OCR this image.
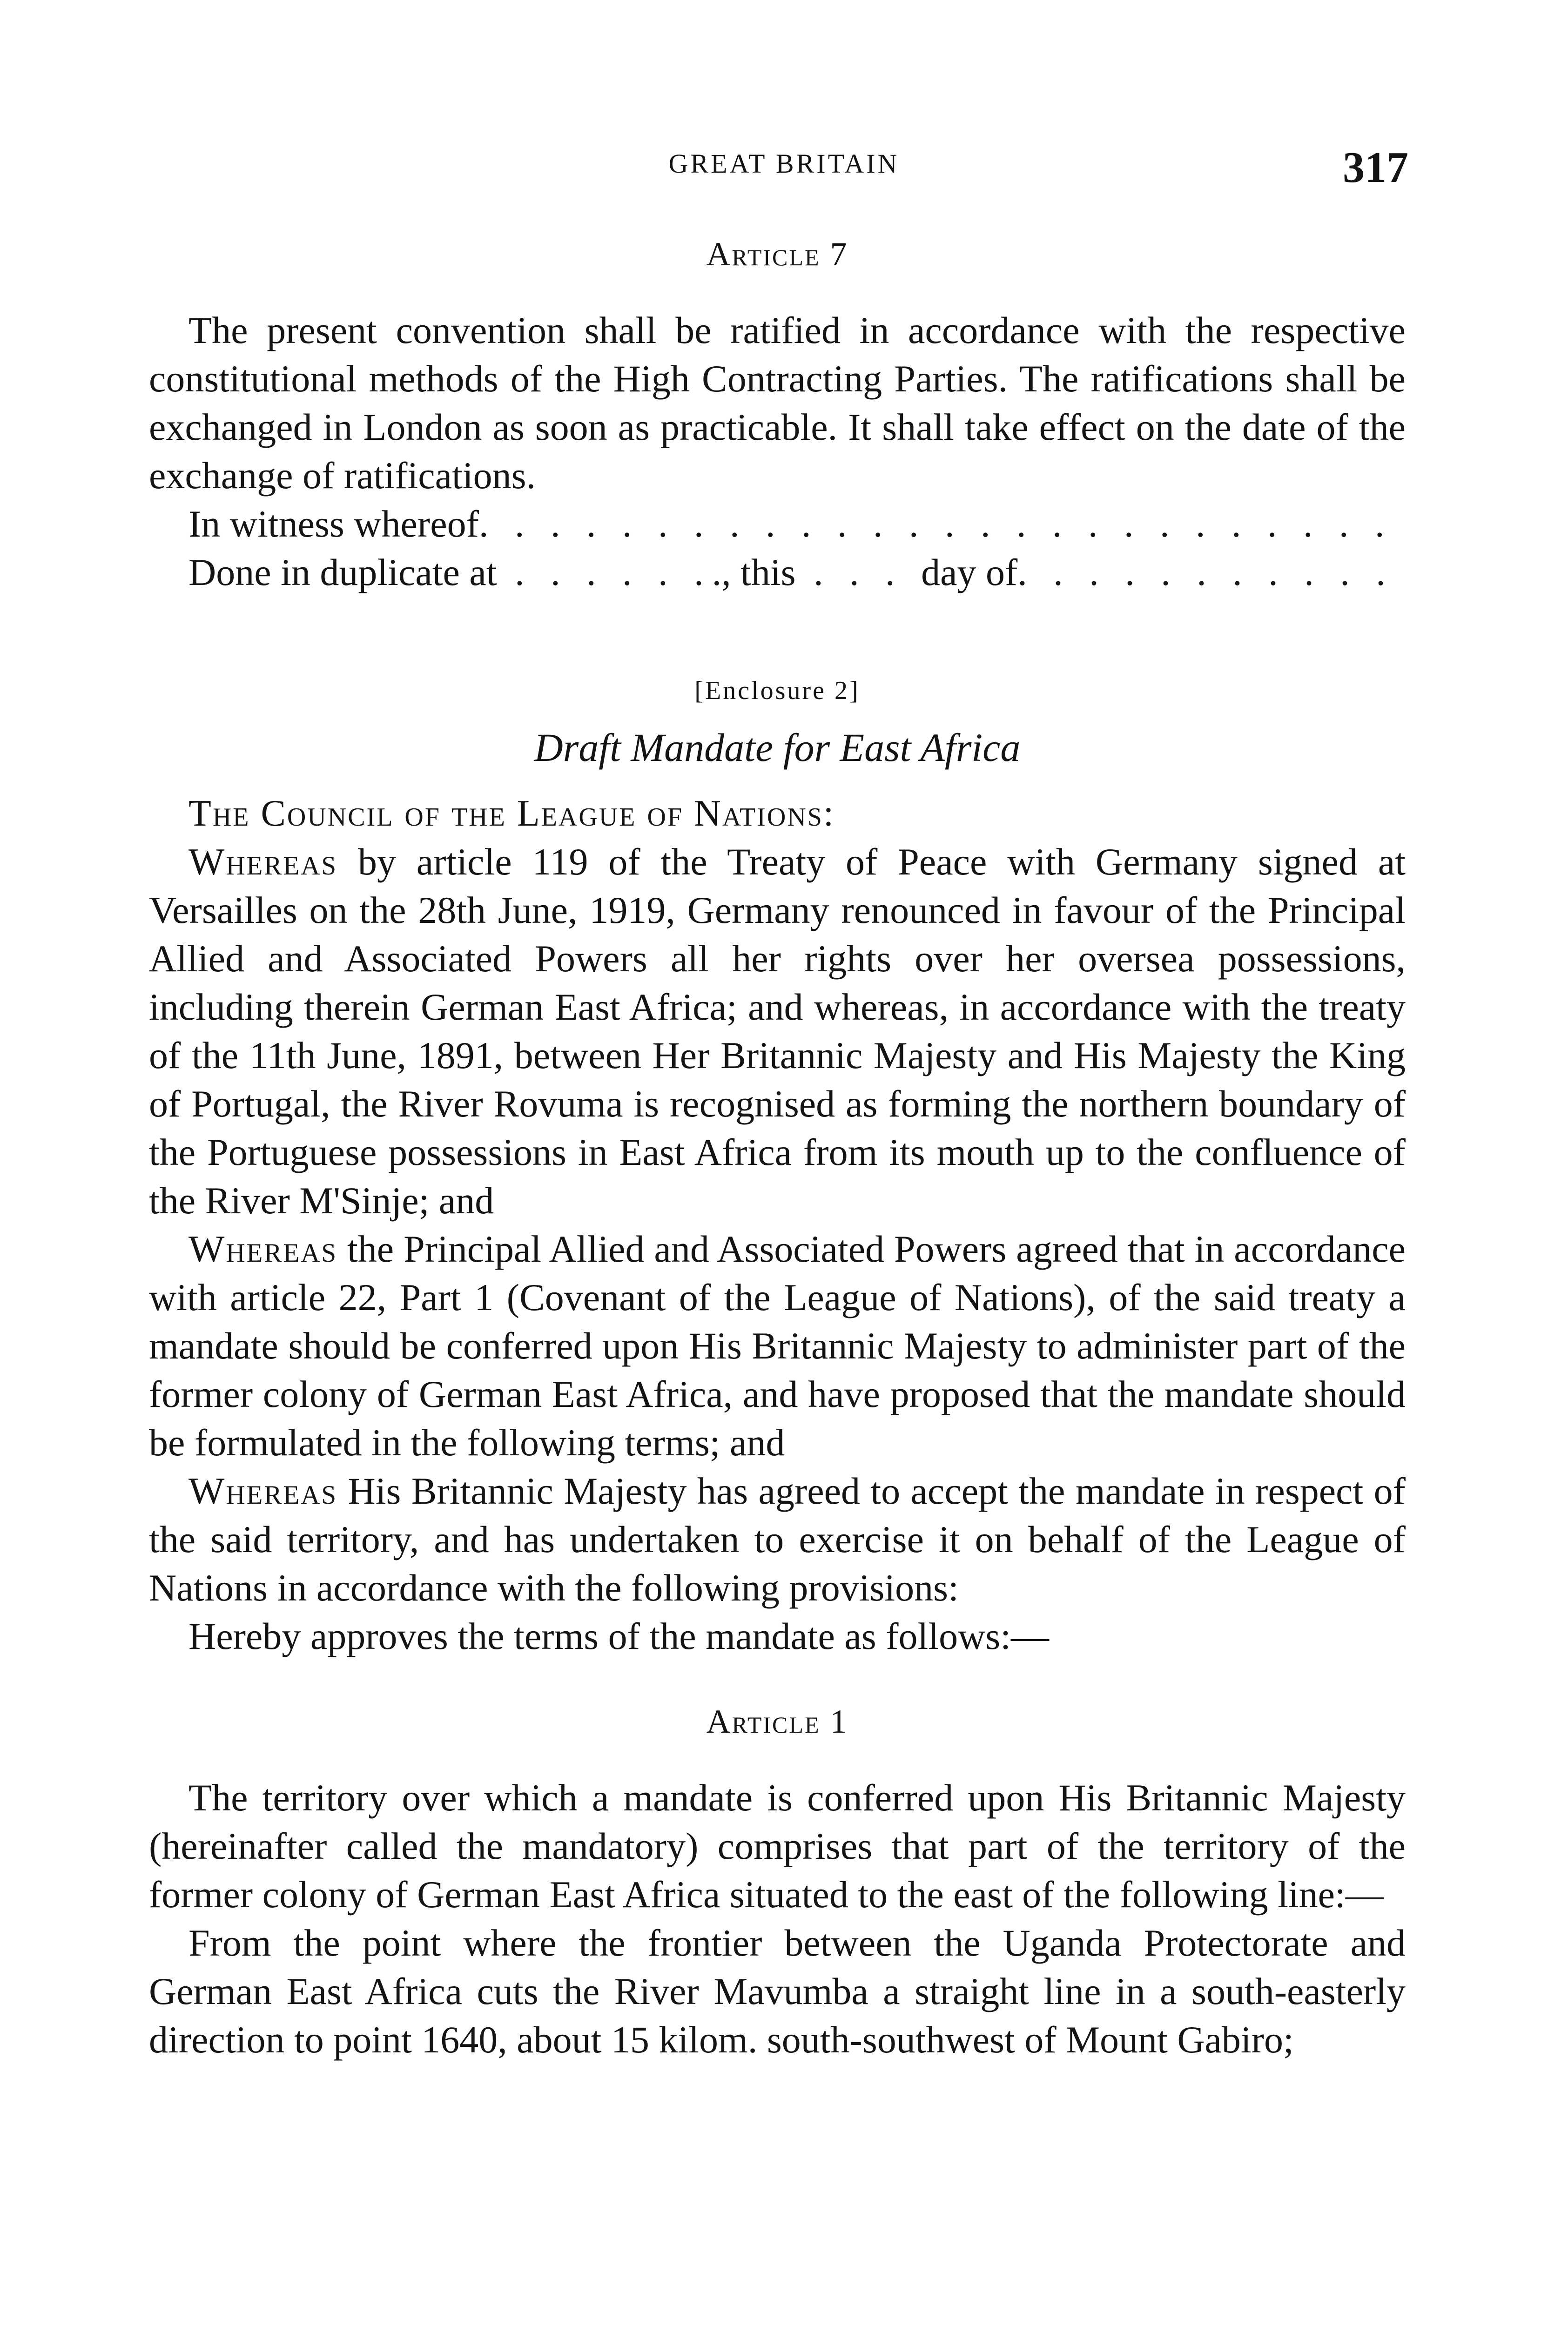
GREAT BRITAIN	317
Article 7

The present convention shall be ratified in accordance with the respective constitutional methods of the High Contracting Parties. The ratifications shall be exchanged in London as soon as practicable. It shall take effect on the date of the exchange of ratifications.

In witness whereof
. . .
Done in duplicate at . . . . . . ., this . . . day of
. . .
[Enclosure 2]
Draft Mandate for East Africa
The Council of the League of Nations:

Whereas by article 119 of the Treaty of Peace with Germany signed at Versailles on the 28th June, 1919, Germany renounced in favour of the Principal Allied and Associated Powers all her rights over her oversea possessions, including therein German East Africa; and whereas, in accordance with the treaty of the 11th June, 1891, between Her Britannic Majesty and His Majesty the King of Portugal, the River Rovuma is recognised as forming the northern boundary of the Portuguese possessions in East Africa from its mouth up to the confluence of the River M'Sinje; and

Whereas the Principal Allied and Associated Powers agreed that in accordance with article 22, Part 1 (Covenant of the League of Nations), of the said treaty a mandate should be conferred upon His Britannic Majesty to administer part of the former colony of German East Africa, and have proposed that the mandate should be formulated in the following terms; and

Whereas His Britannic Majesty has agreed to accept the mandate in respect of the said territory, and has undertaken to exercise it on behalf of the League of Nations in accordance with the following provisions:

Hereby approves the terms of the mandate as follows:—

Article 1

The territory over which a mandate is conferred upon His Britannic Majesty (hereinafter called the mandatory) comprises that part of the territory of the former colony of German East Africa situated to the east of the following line:—

From the point where the frontier between the Uganda Protectorate and German East Africa cuts the River Mavumba a straight line in a south-easterly direction to point 1640, about 15 kilom. south-southwest of Mount Gabiro;
